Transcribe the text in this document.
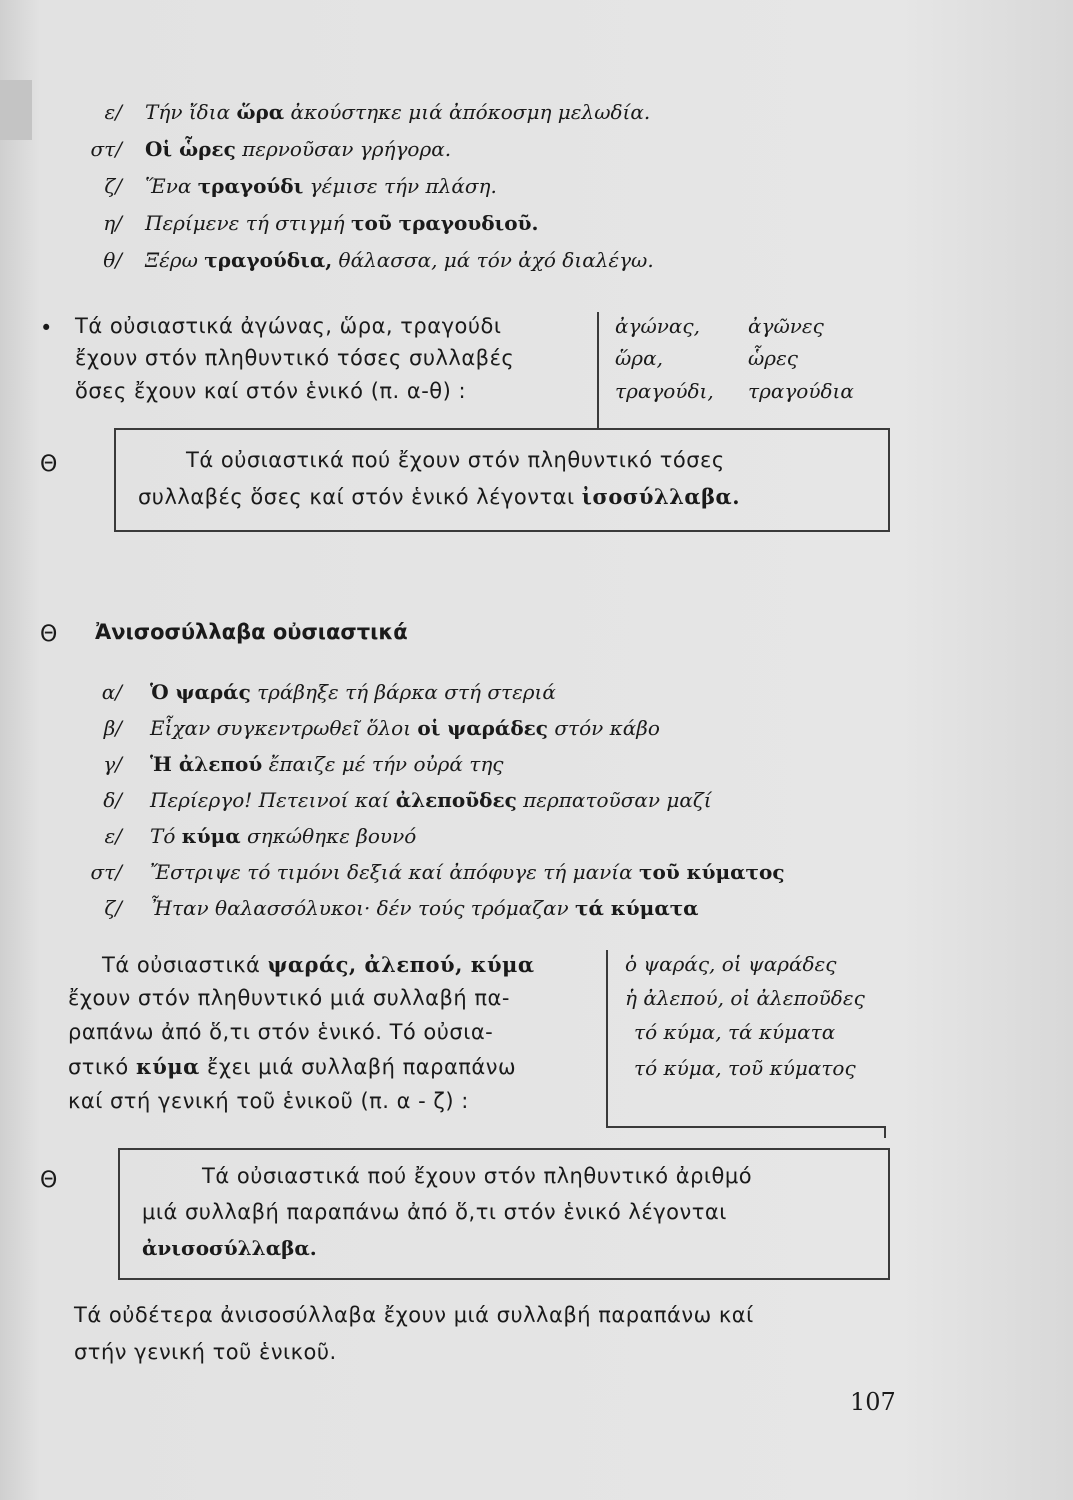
ε/ Τήν ἴδια ὥρα ἀκούστηκε μιά ἀπόκοσμη μελωδία.
στ/ Οἱ ὧρες περνοῦσαν γρήγορα.
ζ/ Ἕνα τραγούδι γέμισε τήν πλάση.
η/ Περίμενε τή στιγμή τοῦ τραγουδιοῦ.
θ/ Ξέρω τραγούδια, θάλασσα, μά τόν ἀχό διαλέγω.
• Τά οὐσιαστικά ἀγώνας, ὥρα, τραγούδι
ἔχουν στόν πληθυντικό τόσες συλλαβές
ὅσες ἔχουν καί στόν ἑνικό (π. α-θ) :
ἀγώνας, ἀγῶνες
ὥρα,	ὧρες
τραγούδι, τραγούδια
Θ	Τά οὐσιαστικά πού ἔχουν στόν πληθυντικό τόσες
συλλαβές ὅσες καί στόν ἑνικό λέγονται ἰσοσύλλαβα.
Θ Ἀνισοσύλλαβα οὐσιαστικά
α/ Ὁ ψαράς τράβηξε τή βάρκα στή στεριά
β/ Εἶχαν συγκεντρωθεῖ ὅλοι οἱ ψαράδες στόν κάβο
γ/ Ἡ ἀλεπού ἔπαιζε μέ τήν οὐρά της
δ/ Περίεργο! Πετεινοί καί ἀλεποῦδες περπατοῦσαν μαζί
ε/ Τό κύμα σηκώθηκε βουνό
στ/ Ἔστριψε τό τιμόνι δεξιά καί ἀπόφυγε τή μανία τοῦ κύματος
ζ/ Ἦταν θαλασσόλυκοι· δέν τούς τρόμαζαν τά κύματα
Τά οὐσιαστικά ψαράς, ἀλεπού, κύμα
ἔχουν στόν πληθυντικό μιά συλλαβή πα-
ραπάνω ἀπό ὅ,τι στόν ἑνικό. Τό οὐσια-
στικό κύμα ἔχει μιά συλλαβή παραπάνω
καί στή γενική τοῦ ἑνικοῦ (π. α - ζ) :
ὁ ψαράς, οἱ ψαράδες
ἡ ἀλεπού, οἱ ἀλεποῦδες
τό κύμα, τά κύματα
τό κύμα, τοῦ κύματος
Θ	Τά οὐσιαστικά πού ἔχουν στόν πληθυντικό ἀριθμό
μιά συλλαβή παραπάνω ἀπό ὅ,τι στόν ἑνικό λέγονται
ἀνισοσύλλαβα.
Τά οὐδέτερα ἀνισοσύλλαβα ἔχουν μιά συλλαβή παραπάνω καί
στήν γενική τοῦ ἑνικοῦ.
107
